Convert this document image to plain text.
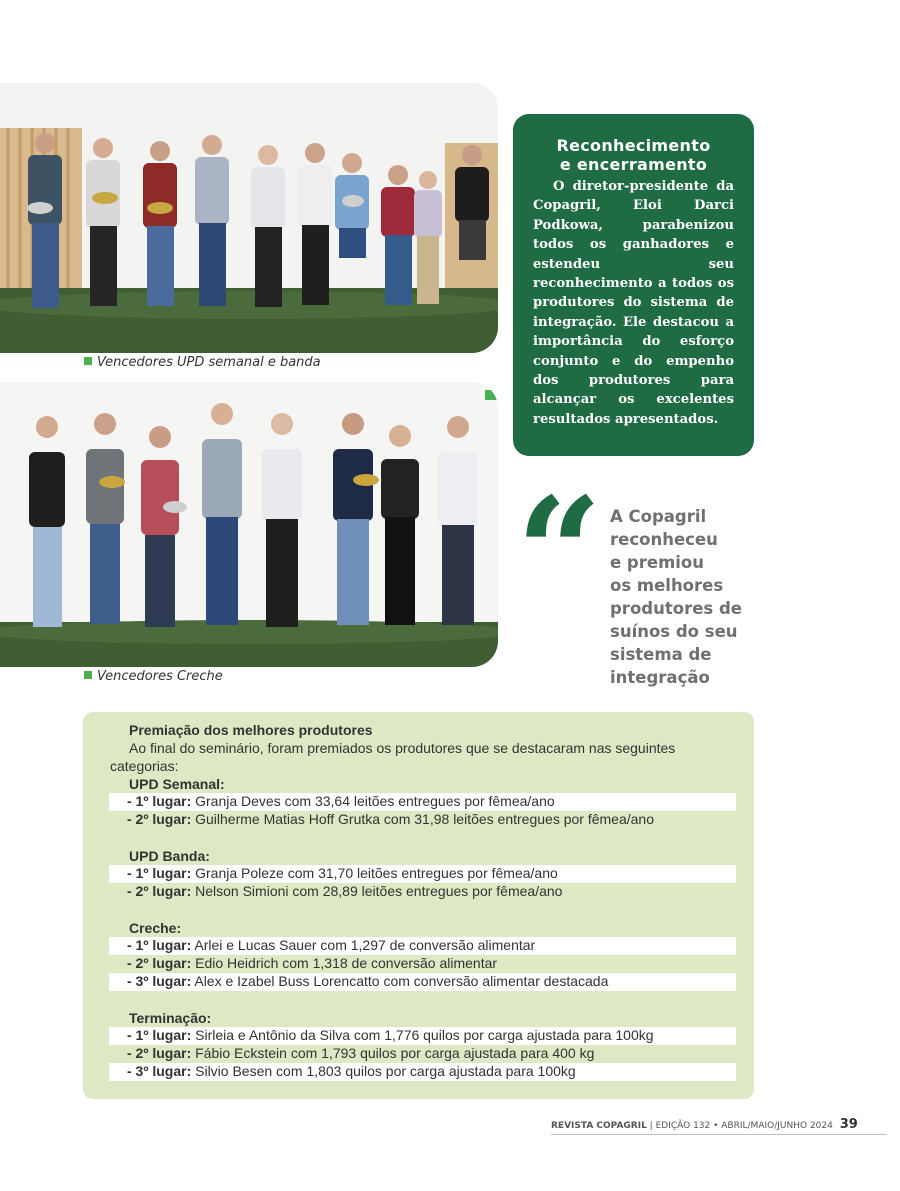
Vencedores UPD semanal e banda
Vencedores Creche
Reconhecimento
e encerramento

O diretor-presidente da Copagril, Eloi Darci Podkowa, parabenizou todos os ganhadores e estendeu seu reconhecimento a todos os produtores do sistema de integração. Ele destacou a importância do esforço conjunto e do empenho dos produtores para alcançar os excelentes resultados apresentados.

“ A Copagril
reconheceu
e premiou
os melhores
produtores de
suínos do seu
sistema de
integração
Premiação dos melhores produtores

Ao final do seminário, foram premiados os produtores que se destacaram nas seguintes categorias:

UPD Semanal:
- 1º lugar: Granja Deves com 33,64 leitões entregues por fêmea/ano
- 2º lugar: Guilherme Matias Hoff Grutka com 31,98 leitões entregues por fêmea/ano
UPD Banda:
- 1º lugar: Granja Poleze com 31,70 leitões entregues por fêmea/ano
- 2º lugar: Nelson Simioni com 28,89 leitões entregues por fêmea/ano
Creche:
- 1º lugar: Arlei e Lucas Sauer com 1,297 de conversão alimentar
- 2º lugar: Edio Heidrich com 1,318 de conversão alimentar
- 3º lugar: Alex e Izabel Buss Lorencatto com conversão alimentar destacada
Terminação:
- 1º lugar: Sirleia e Antônio da Silva com 1,776 quilos por carga ajustada para 100kg
- 2º lugar: Fábio Eckstein com 1,793 quilos por carga ajustada para 400 kg
- 3º lugar: Silvio Besen com 1,803 quilos por carga ajustada para 100kg
REVISTA COPAGRIL | EDIÇÃO 132 • ABRIL/MAIO/JUNHO 2024 39
